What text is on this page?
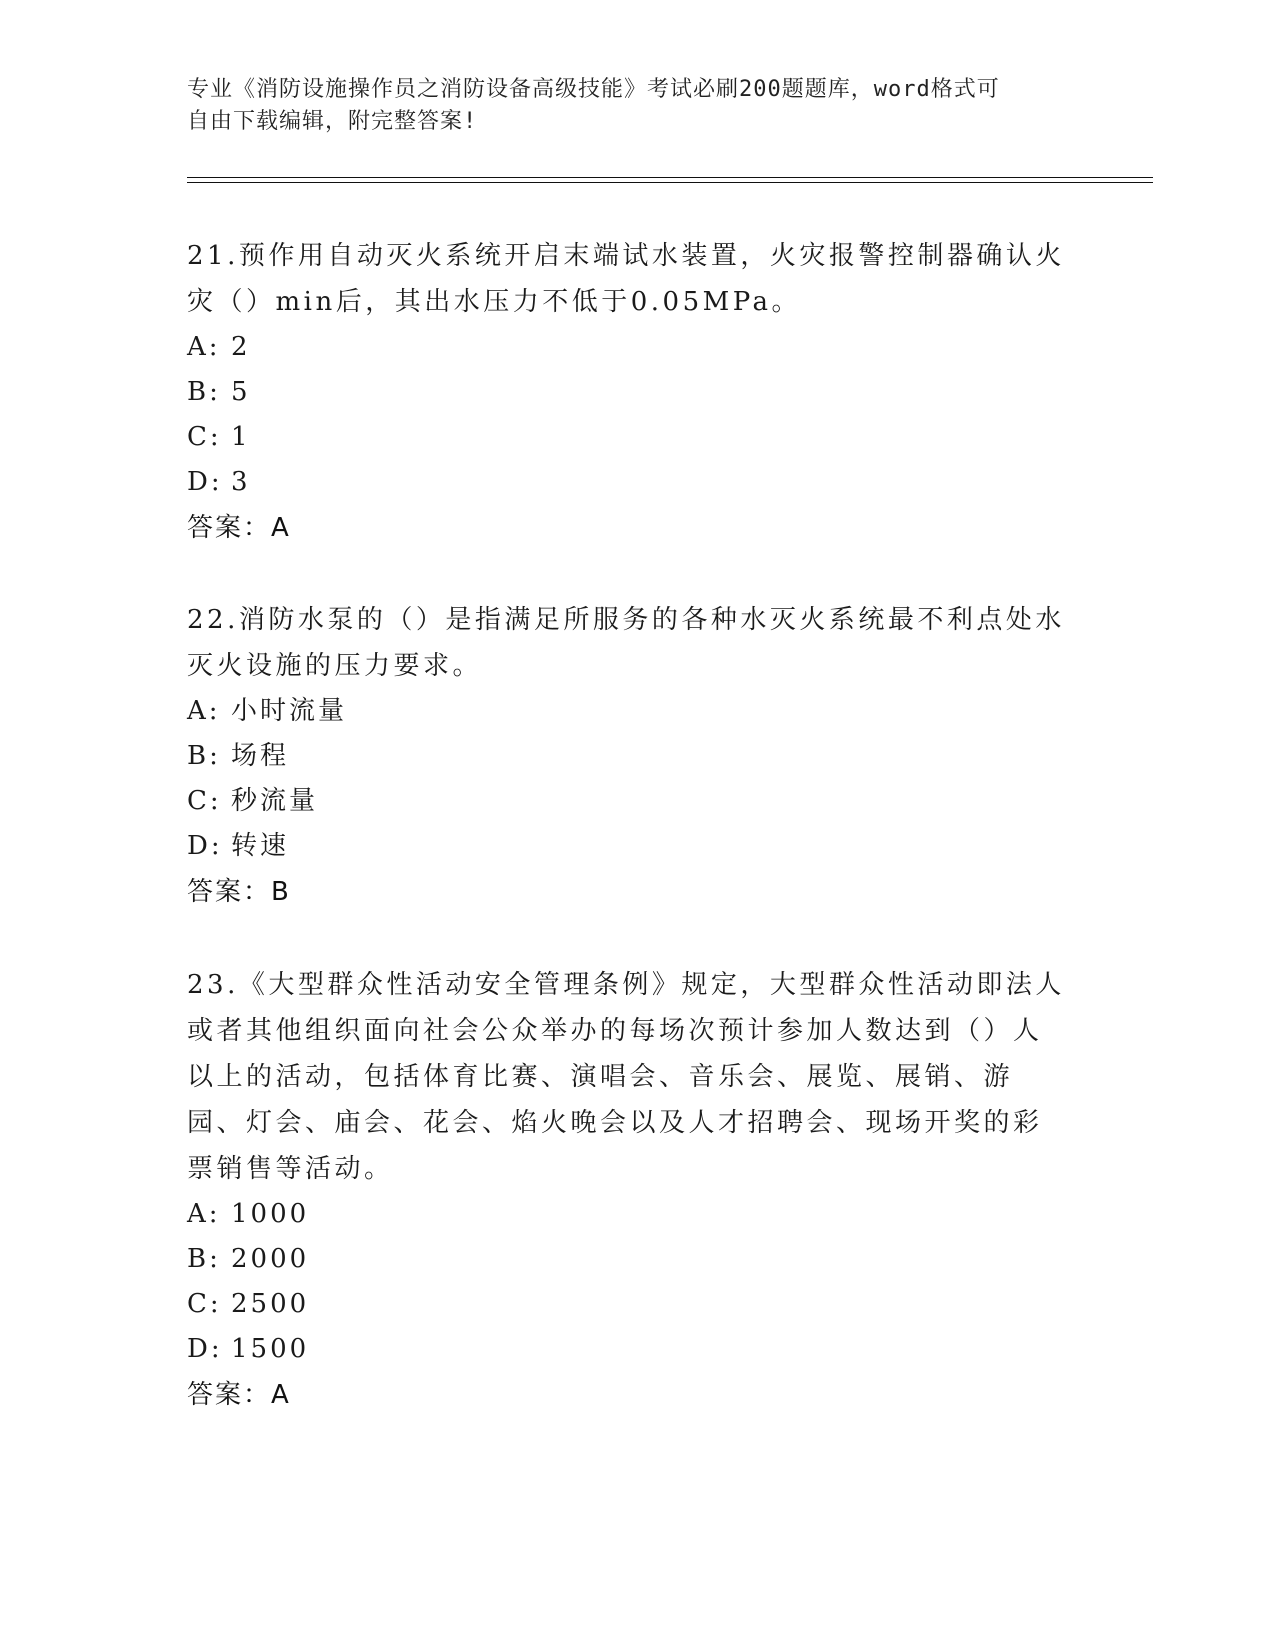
专业《消防设施操作员之消防设备高级技能》考试必刷200题题库，word格式可
自由下载编辑，附完整答案!

21.预作用自动灭火系统开启末端试水装置，火灾报警控制器确认火灾（）min后，其出水压力不低于0.05MPa。

A: 2

B: 5

C: 1

D: 3

答案：A

22.消防水泵的（）是指满足所服务的各种水灭火系统最不利点处水灭火设施的压力要求。

A: 小时流量

B: 场程

C: 秒流量

D: 转速

答案：B

23.《大型群众性活动安全管理条例》规定，大型群众性活动即法人或者其他组织面向社会公众举办的每场次预计参加人数达到（）人以上的活动，包括体育比赛、演唱会、音乐会、展览、展销、游园、灯会、庙会、花会、焰火晚会以及人才招聘会、现场开奖的彩票销售等活动。

A: 1000

B: 2000

C: 2500

D: 1500

答案：A
